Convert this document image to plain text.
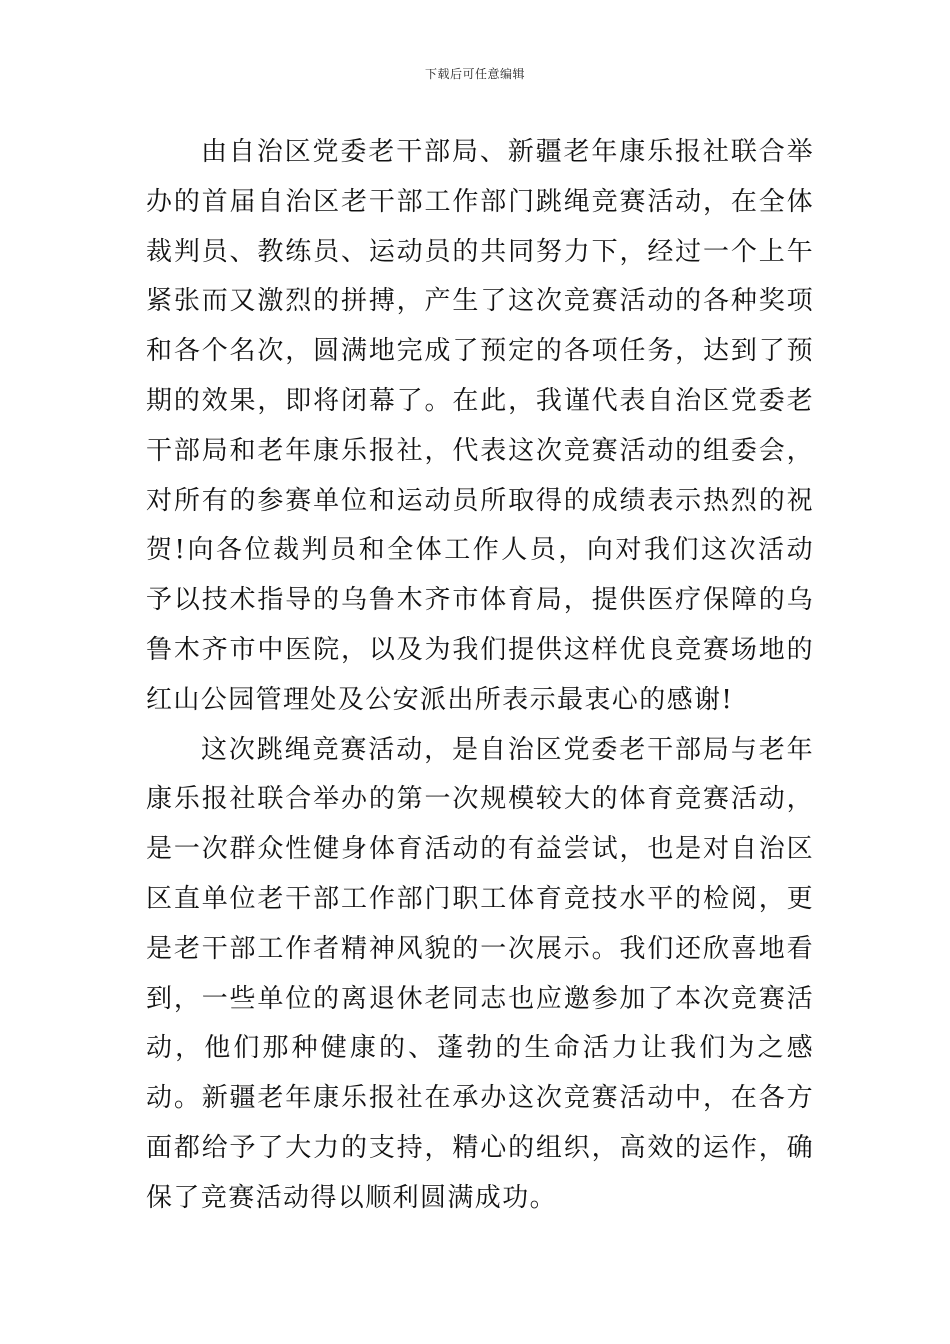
下载后可任意编辑

由自治区党委老干部局、新疆老年康乐报社联合举办的首届自治区老干部工作部门跳绳竞赛活动，在全体裁判员、教练员、运动员的共同努力下，经过一个上午紧张而又激烈的拼搏，产生了这次竞赛活动的各种奖项和各个名次，圆满地完成了预定的各项任务，达到了预期的效果，即将闭幕了。在此，我谨代表自治区党委老干部局和老年康乐报社，代表这次竞赛活动的组委会，对所有的参赛单位和运动员所取得的成绩表示热烈的祝贺!向各位裁判员和全体工作人员，向对我们这次活动予以技术指导的乌鲁木齐市体育局，提供医疗保障的乌鲁木齐市中医院，以及为我们提供这样优良竞赛场地的红山公园管理处及公安派出所表示最衷心的感谢!

这次跳绳竞赛活动，是自治区党委老干部局与老年康乐报社联合举办的第一次规模较大的体育竞赛活动，是一次群众性健身体育活动的有益尝试，也是对自治区区直单位老干部工作部门职工体育竞技水平的检阅，更是老干部工作者精神风貌的一次展示。我们还欣喜地看到，一些单位的离退休老同志也应邀参加了本次竞赛活动，他们那种健康的、蓬勃的生命活力让我们为之感动。新疆老年康乐报社在承办这次竞赛活动中，在各方面都给予了大力的支持，精心的组织，高效的运作，确保了竞赛活动得以顺利圆满成功。
